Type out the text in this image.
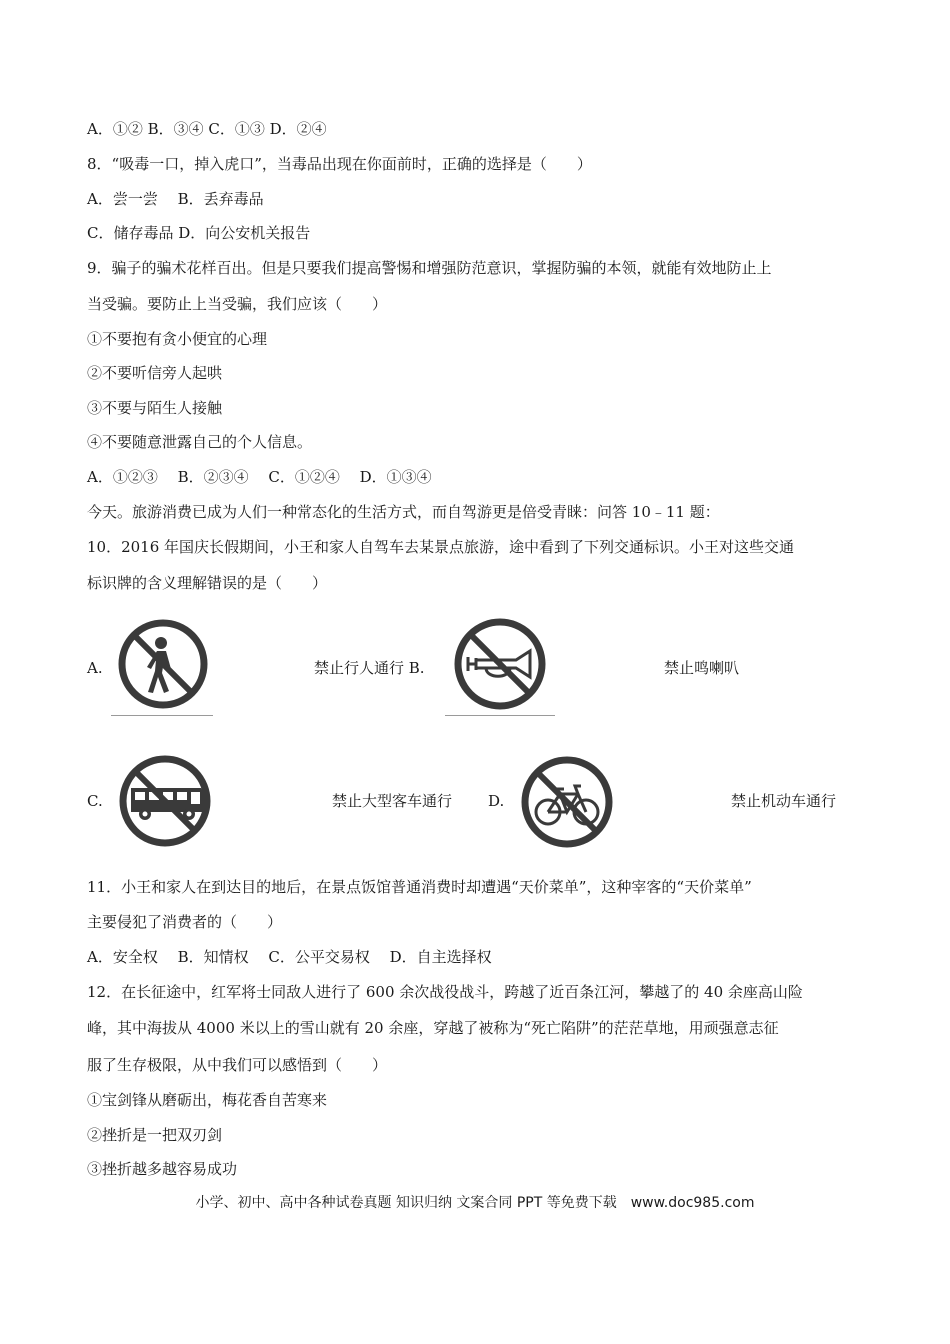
A．①② B．③④ C．①③ D．②④
8．“吸毒一口，掉入虎口”，当毒品出现在你面前时，正确的选择是（　　）
A．尝一尝　 B．丢弃毒品
C．储存毒品 D．向公安机关报告
9．骗子的骗术花样百出。但是只要我们提高警惕和增强防范意识，掌握防骗的本领，就能有效地防止上
当受骗。要防止上当受骗，我们应该（　　）
①不要抱有贪小便宜的心理
②不要听信旁人起哄
③不要与陌生人接触
④不要随意泄露自己的个人信息。
A．①②③　 B．②③④　 C．①②④　 D．①③④
今天。旅游消费已成为人们一种常态化的生活方式，而自驾游更是倍受青睐：问答 10﹣11 题：
10．2016 年国庆长假期间，小王和家人自驾车去某景点旅游，途中看到了下列交通标识。小王对这些交通
标识牌的含义理解错误的是（　　）
A.	禁止行人通行 B.	禁止鸣喇叭
C.	禁止大型客车通行 D.	禁止机动车通行
11．小王和家人在到达目的地后，在景点饭馆普通消费时却遭遇“天价菜单”，这种宰客的“天价菜单”
主要侵犯了消费者的（　　）
A．安全权　 B．知情权　 C．公平交易权　 D．自主选择权
12．在长征途中，红军将士同敌人进行了 600 余次战役战斗，跨越了近百条江河，攀越了的 40 余座高山险
峰，其中海拔从 4000 米以上的雪山就有 20 余座，穿越了被称为“死亡陷阱”的茫茫草地，用顽强意志征
服了生存极限，从中我们可以感悟到（　　）
①宝剑锋从磨砺出，梅花香自苦寒来
②挫折是一把双刃剑
③挫折越多越容易成功
小学、初中、高中各种试卷真题 知识归纳 文案合同 PPT 等免费下载　www.doc985.com
